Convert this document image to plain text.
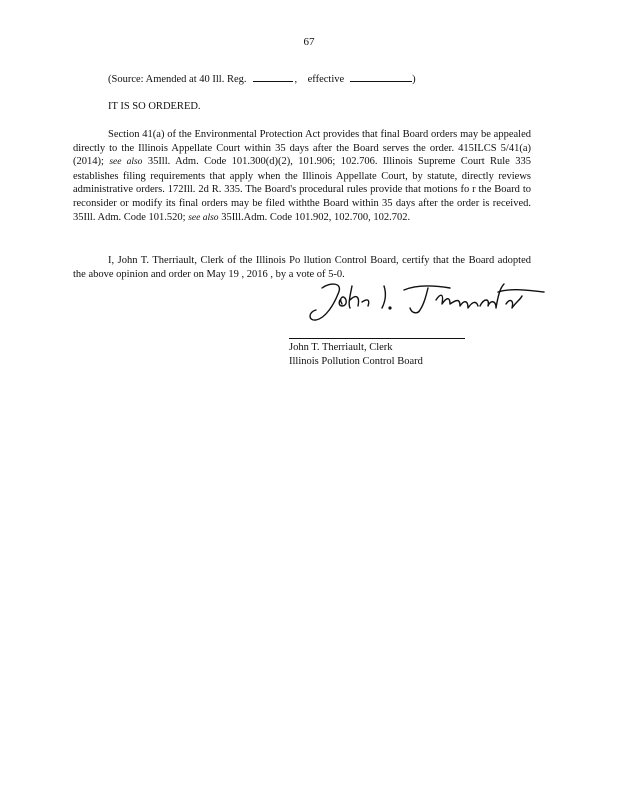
67
(Source: Amended at 40 Ill. Reg.	, effective	)
IT IS SO ORDERED.
Section 41(a) of the Environmental Protection Act provides that final Board orders may be appealed directly to the Illinois Appellate Court within 35 days after the Board serves the order. 415ILCS 5/41(a) (2014); see also 35Ill. Adm. Code 101.300(d)(2), 101.906; 102.706. Illinois Supreme Court Rule 335 establishes filing requirements that apply when the Illinois Appellate Court, by statute, directly reviews administrative orders. 172Ill. 2d R. 335. The Board's procedural rules provide that motions fo r the Board to reconsider or modify its final orders may be filed withthe Board within 35 days after the order is received. 35Ill. Adm. Code 101.520; see also 35Ill.Adm. Code 101.902, 102.700, 102.702.
I, John T. Therriault, Clerk of the Illinois Po llution Control Board, certify that the Board adopted the above opinion and order on May 19 , 2016 , by a vote of 5-0.
John T. Therriault, Clerk
Illinois Pollution Control Board
